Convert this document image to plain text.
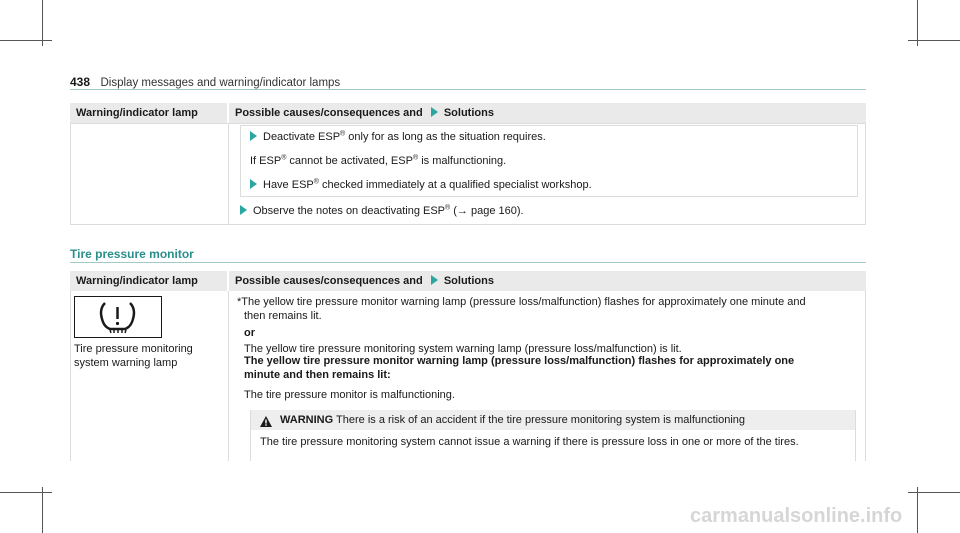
438 Display messages and warning/indicator lamps
Warning/indicator lamp	Possible causes/consequences and Solutions
Deactivate ESP® only for as long as the situation requires.
If ESP® cannot be activated, ESP® is malfunctioning.
Have ESP® checked immediately at a qualified specialist workshop.
Observe the notes on deactivating ESP® (→ page 160).
Tire pressure monitor
Warning/indicator lamp	Possible causes/consequences and Solutions
Tire pressure monitoring
system warning lamp
*The yellow tire pressure monitor warning lamp (pressure loss/malfunction) flashes for approximately one minute and
then remains lit.
or
The yellow tire pressure monitoring system warning lamp (pressure loss/malfunction) is lit.
The yellow tire pressure monitor warning lamp (pressure loss/malfunction) flashes for approximately one
minute and then remains lit:
The tire pressure monitor is malfunctioning.
WARNING There is a risk of an accident if the tire pressure monitoring system is malfunctioning
The tire pressure monitoring system cannot issue a warning if there is pressure loss in one or more of the tires.
carmanualsonline.info
